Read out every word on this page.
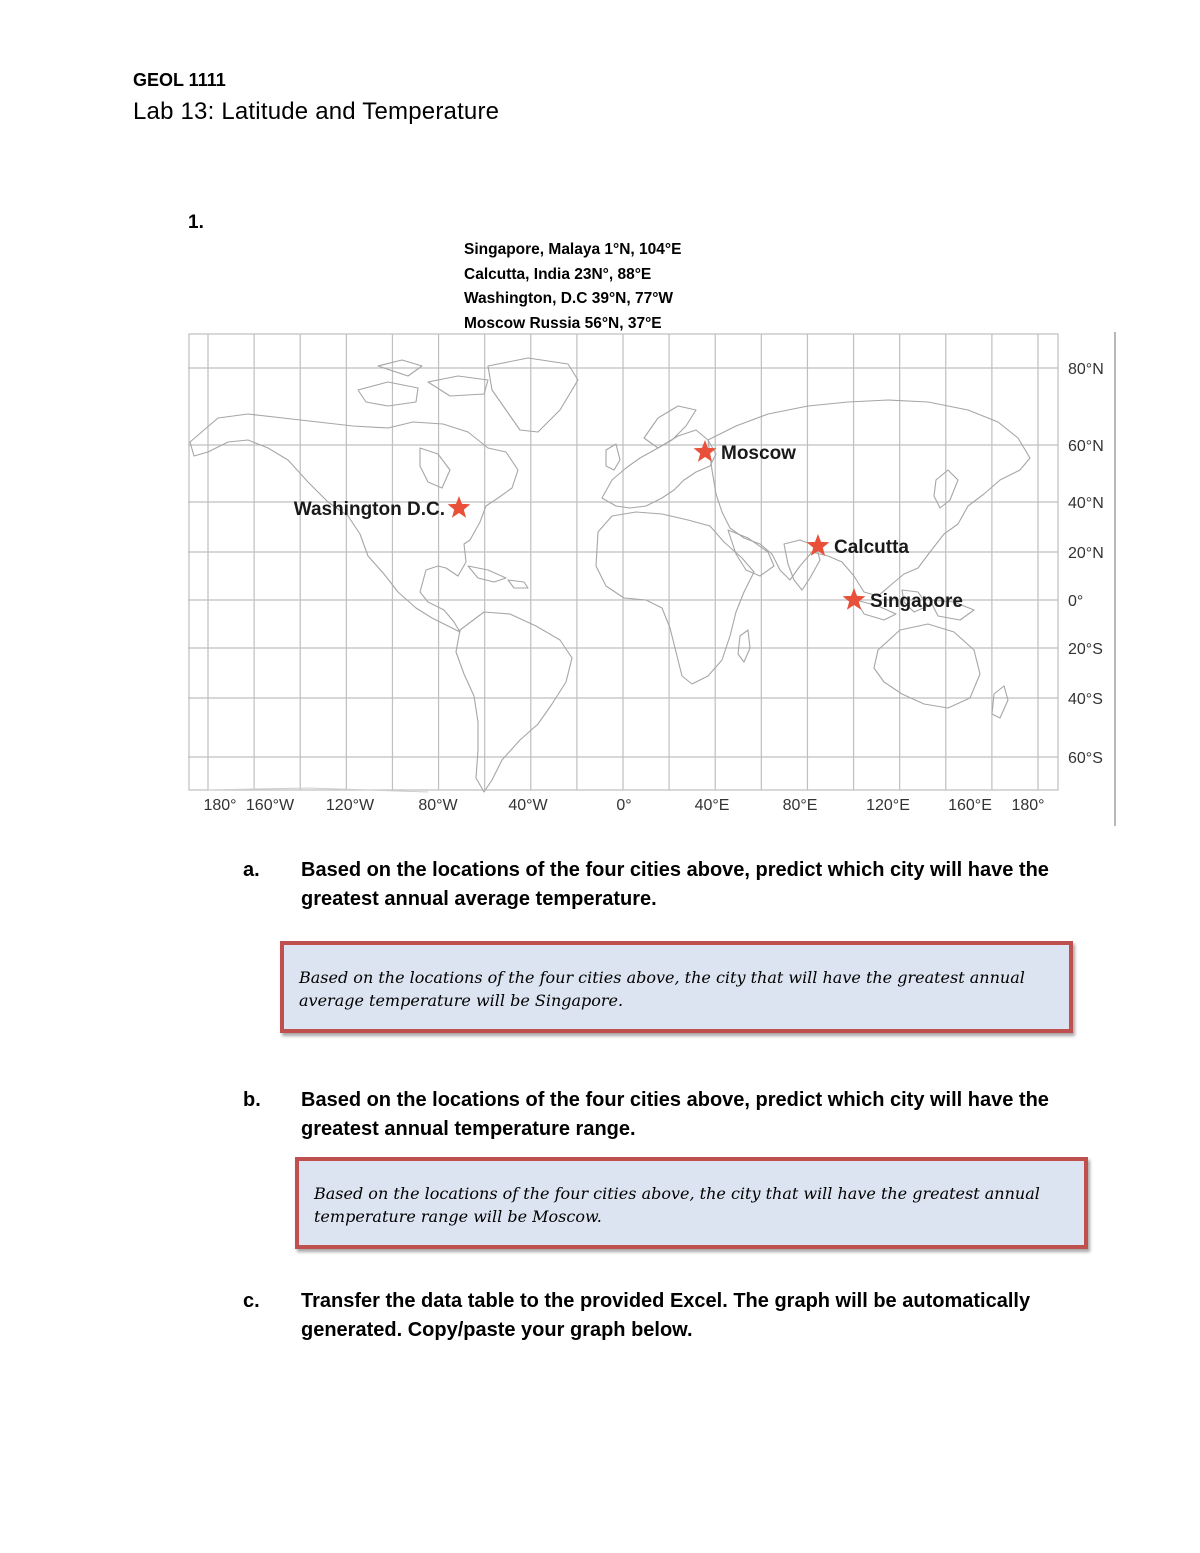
GEOL 1111
Lab 13: Latitude and Temperature
1.
Singapore, Malaya 1°N, 104°E
Calcutta, India 23N°, 88°E
Washington, D.C 39°N, 77°W
Moscow Russia 56°N, 37°E
80°N
60°N
40°N
20°N
0°
20°S
40°S
60°S
180° 160°W 120°W	80°W	40°W	0°	40°E	80°E	120°E 160°E 180°
Moscow
Washington D.C.
Calcutta
Singapore
a. Based on the locations of the four cities above, predict which city will have the greatest annual average temperature.
Based on the locations of the four cities above, the city that will have the greatest annual
average temperature will be Singapore.
b. Based on the locations of the four cities above, predict which city will have the greatest annual temperature range.
Based on the locations of the four cities above, the city that will have the greatest annual
temperature range will be Moscow.
c. Transfer the data table to the provided Excel. The graph will be automatically generated. Copy/paste your graph below.
